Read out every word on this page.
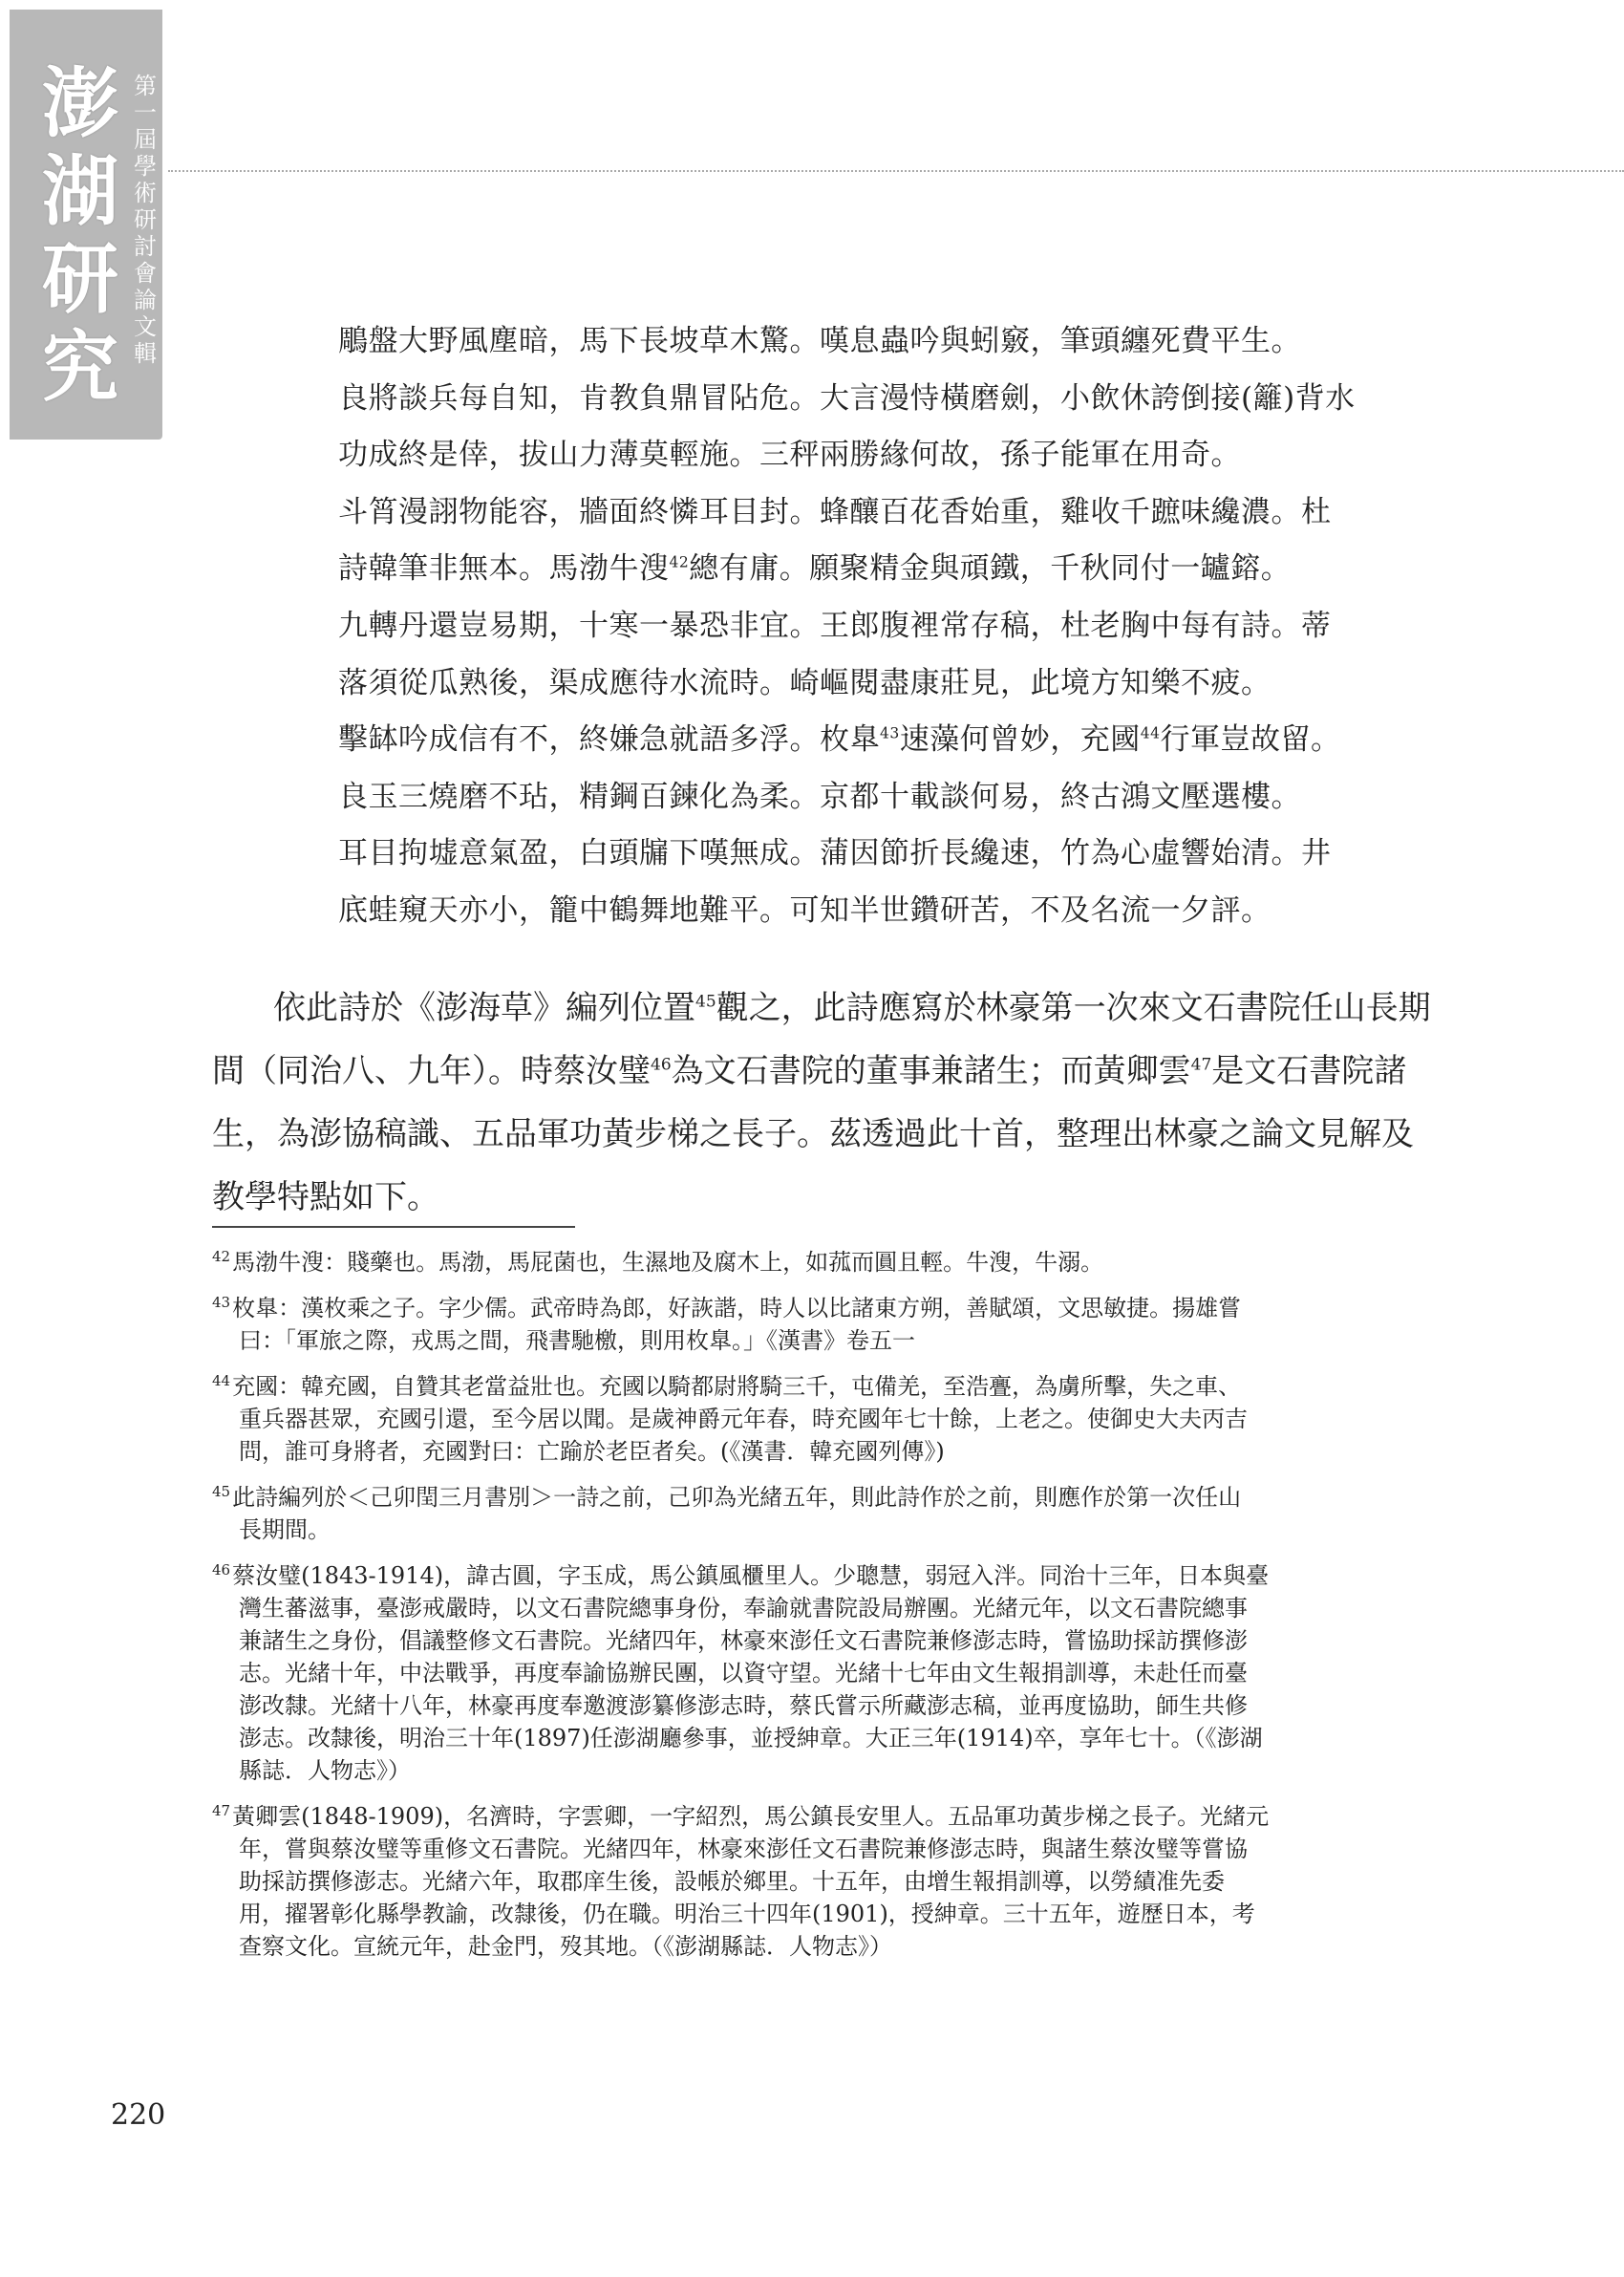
澎
湖
研
究
第
一
屆
學
術
研
討
會
論
文
輯	鵰盤大野風塵暗，馬下長坡草木驚。嘆息蟲吟與蚓竅，筆頭纏死費平生。
良將談兵每自知，肯教負鼎冒阽危。大言漫恃橫磨劍，小飲休誇倒接(籬)背水
功成終是倖，拔山力薄莫輕施。三秤兩勝緣何故，孫子能軍在用奇。
斗筲漫詡物能容，牆面終憐耳目封。蜂釀百花香始重，雞收千蹠味纔濃。杜
詩韓筆非無本。馬渤牛溲$^{42}$總有庸。願聚精金與頑鐵，千秋同付一罏鎔。
九轉丹還豈易期，十寒一暴恐非宜。王郎腹裡常存稿，杜老胸中每有詩。蒂
落須從瓜熟後，渠成應待水流時。崎嶇閱盡康莊見，此境方知樂不疲。
擊缽吟成信有不，終嫌急就語多浮。枚臯$^{43}$速藻何曾妙，充國$^{44}$行軍豈故留。
良玉三燒磨不玷，精鋼百鍊化為柔。京都十載談何易，終古鴻文壓選樓。
耳目拘墟意氣盈，白頭牖下嘆無成。蒲因節折長纔速，竹為心虛響始清。井
底蛙窺天亦小，籠中鶴舞地難平。可知半世鑽研苦，不及名流一夕評。
依此詩於《澎海草》編列位置$^{45}$觀之，此詩應寫於林豪第一次來文石書院任山長期
間（同治八、九年）。時蔡汝璧$^{46}$為文石書院的董事兼諸生；而黃卿雲$^{47}$是文石書院諸
生，為澎協稿識、五品軍功黃步梯之長子。茲透過此十首，整理出林豪之論文見解及
教學特點如下。
$^{42}$馬渤牛溲：賤藥也。馬渤，馬屁菌也，生濕地及腐木上，如菰而圓且輕。牛溲，牛溺。
$^{43}$枚臯：漢枚乘之子。字少儒。武帝時為郎，好詼諧，時人以比諸東方朔，善賦頌，文思敏捷。揚雄嘗
曰：「軍旅之際，戎馬之間，飛書馳檄，則用枚臯。」《漢書》卷五一
$^{44}$充國：韓充國，自贊其老當益壯也。充國以騎都尉將騎三千，屯備羌，至浩亹，為虜所擊，失之車、
重兵器甚眾，充國引還，至今居以聞。是歲神爵元年春，時充國年七十餘，上老之。使御史大夫丙吉
問，誰可身將者，充國對曰：亡踰於老臣者矣。(《漢書．韓充國列傳》)
$^{45}$此詩編列於＜己卯閏三月書別＞一詩之前，己卯為光緒五年，則此詩作於之前，則應作於第一次任山
長期間。
$^{46}$蔡汝璧(1843-1914)，諱古圓，字玉成，馬公鎮風櫃里人。少聰慧，弱冠入泮。同治十三年，日本與臺
灣生蕃滋事，臺澎戒嚴時，以文石書院總事身份，奉諭就書院設局辦團。光緒元年，以文石書院總事
兼諸生之身份，倡議整修文石書院。光緒四年，林豪來澎任文石書院兼修澎志時，嘗協助採訪撰修澎
志。光緒十年，中法戰爭，再度奉諭協辦民團，以資守望。光緒十七年由文生報捐訓導，未赴任而臺
澎改隸。光緒十八年，林豪再度奉邀渡澎纂修澎志時，蔡氏嘗示所藏澎志稿，並再度協助，師生共修
澎志。改隸後，明治三十年(1897)任澎湖廳參事，並授紳章。大正三年(1914)卒，享年七十。（《澎湖
縣誌．人物志》）
$^{47}$黃卿雲(1848-1909)，名濟時，字雲卿，一字紹烈，馬公鎮長安里人。五品軍功黃步梯之長子。光緒元
年，嘗與蔡汝璧等重修文石書院。光緒四年，林豪來澎任文石書院兼修澎志時，與諸生蔡汝璧等嘗協
助採訪撰修澎志。光緒六年，取郡庠生後，設帳於鄉里。十五年，由增生報捐訓導，以勞績准先委
用，擢署彰化縣學教諭，改隸後，仍在職。明治三十四年(1901)，授紳章。三十五年，遊歷日本，考
查察文化。宣統元年，赴金門，歿其地。（《澎湖縣誌．人物志》）
220
